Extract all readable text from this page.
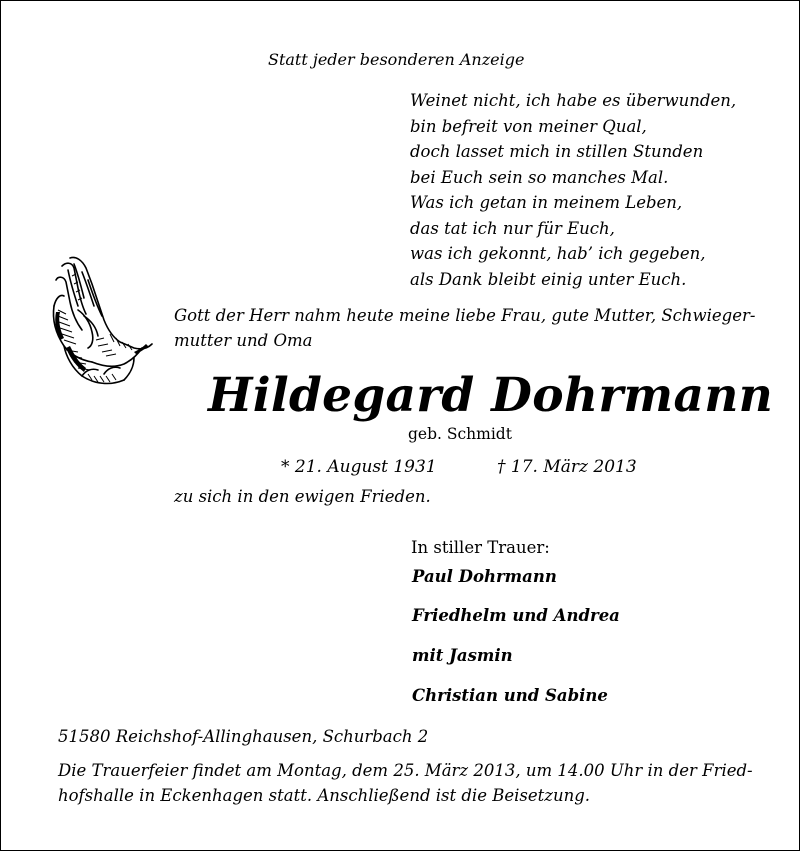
Statt jeder besonderen Anzeige
Weinet nicht, ich habe es überwunden,
bin befreit von meiner Qual,
doch lasset mich in stillen Stunden
bei Euch sein so manches Mal.
Was ich getan in meinem Leben,
das tat ich nur für Euch,
was ich gekonnt, hab’ ich gegeben,
als Dank bleibt einig unter Euch.
Gott der Herr nahm heute meine liebe Frau, gute Mutter, Schwieger-
mutter und Oma
Hildegard Dohrmann
geb. Schmidt
* 21. August 1931	† 17. März 2013
zu sich in den ewigen Frieden.
In stiller Trauer:
Paul Dohrmann
Friedhelm und Andrea
mit Jasmin
Christian und Sabine
51580 Reichshof-Allinghausen, Schurbach 2
Die Trauerfeier findet am Montag, dem 25. März 2013, um 14.00 Uhr in der Fried-
hofshalle in Eckenhagen statt. Anschließend ist die Beisetzung.
